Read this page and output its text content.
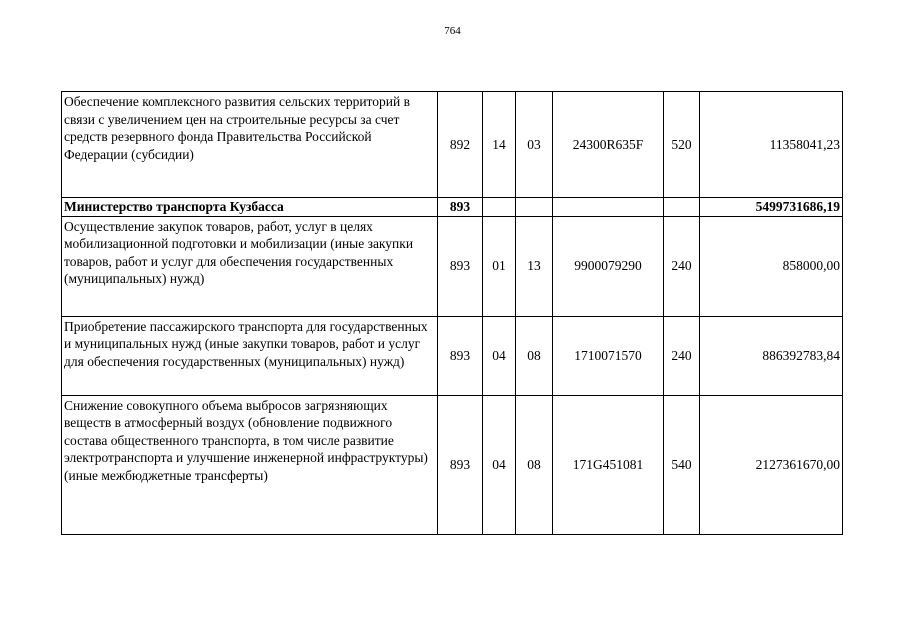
764
Обеспечение комплексного развития сельских территорий в связи с увеличением цен на строительные ресурсы за счет средств резервного фонда Правительства Российской Федерации (субсидии)	892	14	03	24300R635F	520	11358041,23
Министерство транспорта Кузбасса	893					5499731686,19
Осуществление закупок товаров, работ, услуг в целях мобилизационной подготовки и мобилизации (иные закупки товаров, работ и услуг для обеспечения государственных (муниципальных) нужд)	893	01	13	9900079290	240	858000,00
Приобретение пассажирского транспорта для государственных и муниципальных нужд (иные закупки товаров, работ и услуг для обеспечения государственных (муниципальных) нужд)	893	04	08	1710071570	240	886392783,84
Снижение совокупного объема выбросов загрязняющих веществ в атмосферный воздух (обновление подвижного состава общественного транспорта, в том числе развитие электротранспорта и улучшение инженерной инфраструктуры) (иные межбюджетные трансферты)	893	04	08	171G451081	540	2127361670,00
